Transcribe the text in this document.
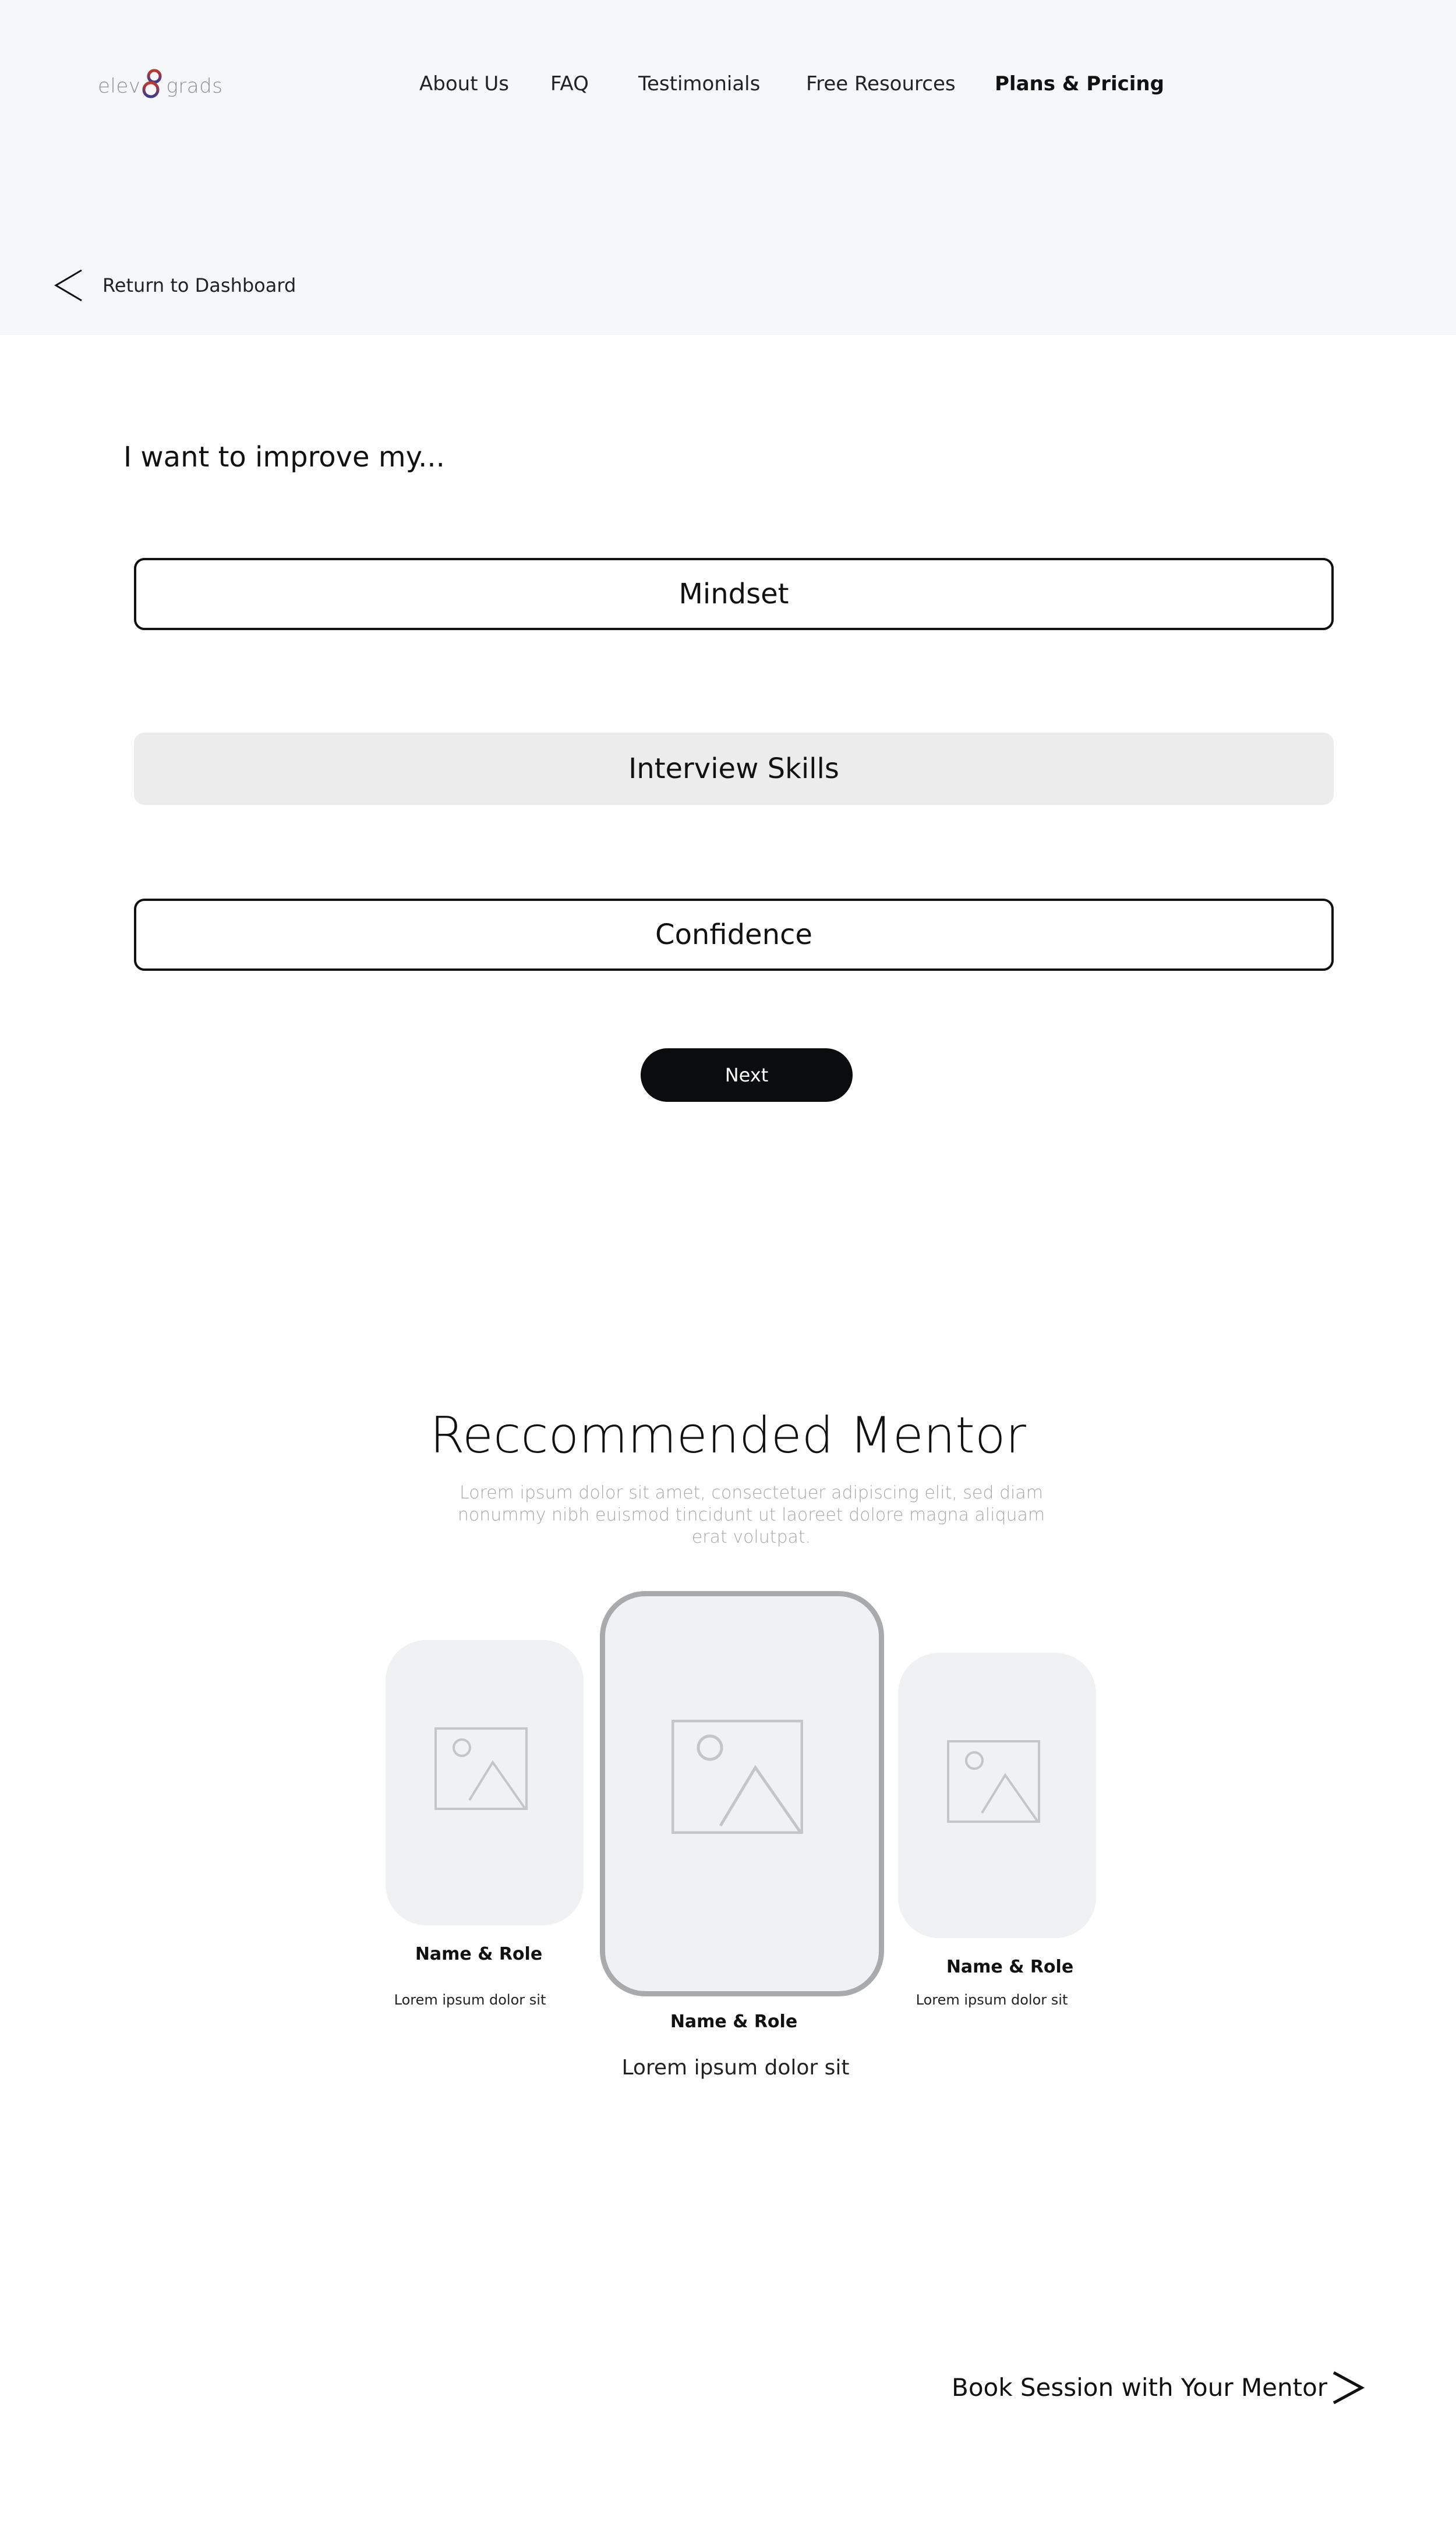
elev grads	About Us FAQ	Testimonials Free Resources Plans & Pricing
Return to Dashboard
I want to improve my...
Mindset
Interview Skills
Confidence
Next
Reccommended Mentor
Lorem ipsum dolor sit amet, consectetuer adipiscing elit, sed diam nonummy nibh euismod tincidunt ut laoreet dolore magna aliquam erat volutpat.
Name & Role
Lorem ipsum dolor sit
Name & Role
Lorem ipsum dolor sit
Name & Role
Lorem ipsum dolor sit
Book Session with Your Mentor
